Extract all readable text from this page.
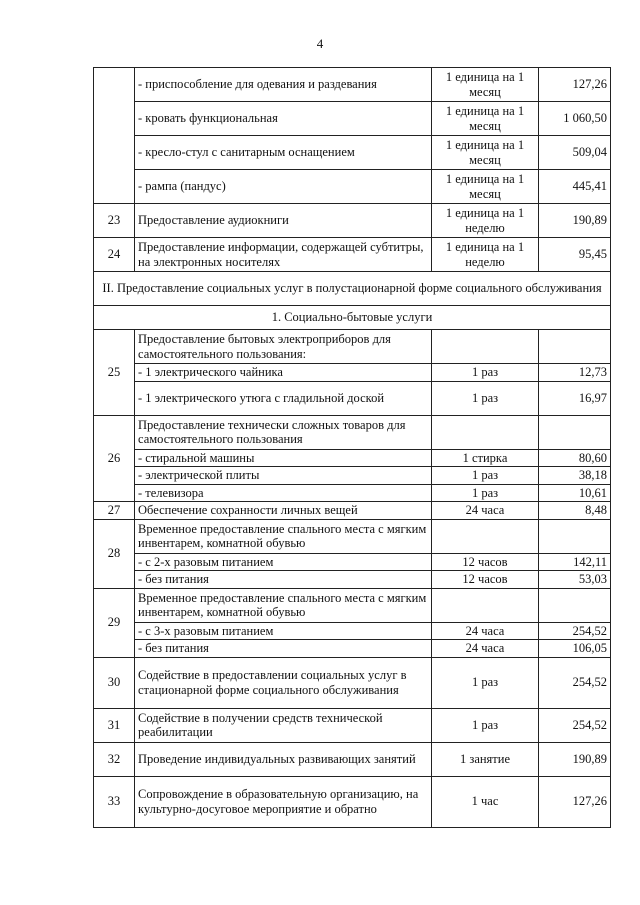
4
	- приспособление для одевания и раздевания	1 единица на 1 месяц	127,26
	- кровать функциональная	1 единица на 1 месяц	1 060,50
	- кресло-стул с санитарным оснащением	1 единица на 1 месяц	509,04
	- рампа (пандус)	1 единица на 1 месяц	445,41
23	Предоставление аудиокниги	1 единица на 1 неделю	190,89
24	Предоставление информации, содержащей субтитры, на электронных носителях	1 единица на 1 неделю	95,45
II. Предоставление социальных услуг в полустационарной форме социального обслуживания			
1. Социально-бытовые услуги			
25	Предоставление бытовых электроприборов для самостоятельного пользования:		
	- 1 электрического чайника	1 раз	12,73
	- 1 электрического утюга с гладильной доской	1 раз	16,97
26	Предоставление технически сложных товаров для самостоятельного пользования		
	- стиральной машины	1 стирка	80,60
	- электрической плиты	1 раз	38,18
	- телевизора	1 раз	10,61
27	Обеспечение сохранности личных вещей	24 часа	8,48
28	Временное предоставление спального места с мягким инвентарем, комнатной обувью		
	- с 2-х разовым питанием	12 часов	142,11
	- без питания	12 часов	53,03
29	Временное предоставление спального места с мягким инвентарем, комнатной обувью		
	- с 3-х разовым питанием	24 часа	254,52
	- без питания	24 часа	106,05
30	Содействие в предоставлении социальных услуг в стационарной форме социального обслуживания	1 раз	254,52
31	Содействие в получении средств технической реабилитации	1 раз	254,52
32	Проведение индивидуальных развивающих занятий	1 занятие	190,89
33	Сопровождение в образовательную организацию, на культурно-досуговое мероприятие и обратно	1 час	127,26
